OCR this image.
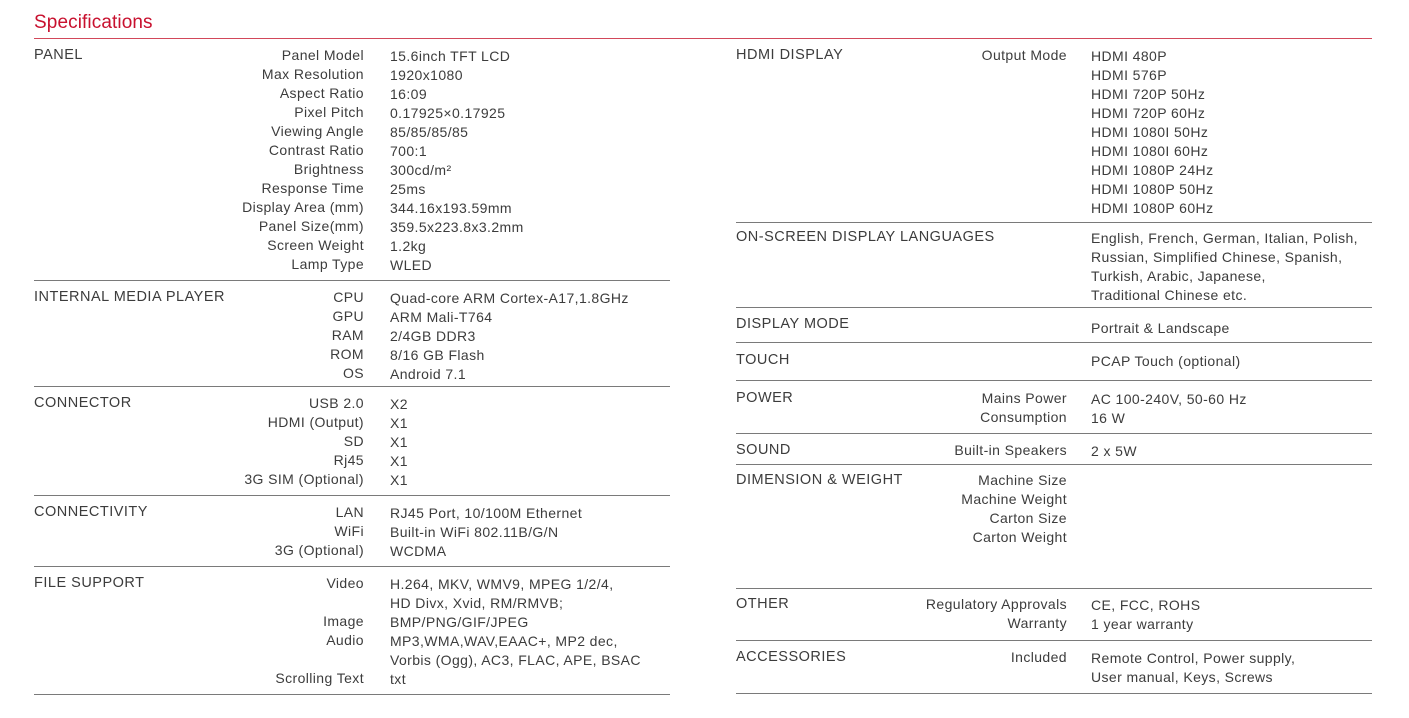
Specifications
PANEL	Panel Model 15.6inch TFT LCD
Max Resolution 1920x1080
Aspect Ratio 16:09
Pixel Pitch 0.17925×0.17925
Viewing Angle 85/85/85/85
Contrast Ratio 700:1
Brightness 300cd/m²
Response Time 25ms
Display Area (mm) 344.16x193.59mm
Panel Size(mm) 359.5x223.8x3.2mm
Screen Weight 1.2kg
Lamp Type WLED
INTERNAL MEDIA PLAYER	CPU Quad-core ARM Cortex-A17,1.8GHz
GPU ARM Mali-T764
RAM 2/4GB DDR3
ROM 8/16 GB Flash
OS Android 7.1
CONNECTOR	USB 2.0 X2
HDMI (Output) X1
SD X1
Rj45 X1
3G SIM (Optional) X1
CONNECTIVITY	LAN RJ45 Port, 10/100M Ethernet
WiFi Built-in WiFi 802.11B/G/N
3G (Optional) WCDMA
FILE SUPPORT	Video H.264, MKV, WMV9, MPEG 1/2/4,
HD Divx, Xvid, RM/RMVB;
Image BMP/PNG/GIF/JPEG
Audio MP3,WMA,WAV,EAAC+, MP2 dec,
Vorbis (Ogg), AC3, FLAC, APE, BSAC
Scrolling Text txt
HDMI DISPLAY	Output Mode HDMI 480P
HDMI 576P
HDMI 720P 50Hz
HDMI 720P 60Hz
HDMI 1080I 50Hz
HDMI 1080I 60Hz
HDMI 1080P 24Hz
HDMI 1080P 50Hz
HDMI 1080P 60Hz
ON-SCREEN DISPLAY LANGUAGES	English, French, German, Italian, Polish,
Russian, Simplified Chinese, Spanish,
Turkish, Arabic, Japanese,
Traditional Chinese etc.
DISPLAY MODE	Portrait & Landscape
TOUCH	PCAP Touch (optional)
POWER	Mains Power AC 100-240V, 50-60 Hz
Consumption 16 W
SOUND	Built-in Speakers 2 x 5W
DIMENSION & WEIGHT	Machine Size
Machine Weight
Carton Size
Carton Weight
OTHER	Regulatory Approvals CE, FCC, ROHS
Warranty 1 year warranty
ACCESSORIES	Included Remote Control, Power supply,
User manual, Keys, Screws
